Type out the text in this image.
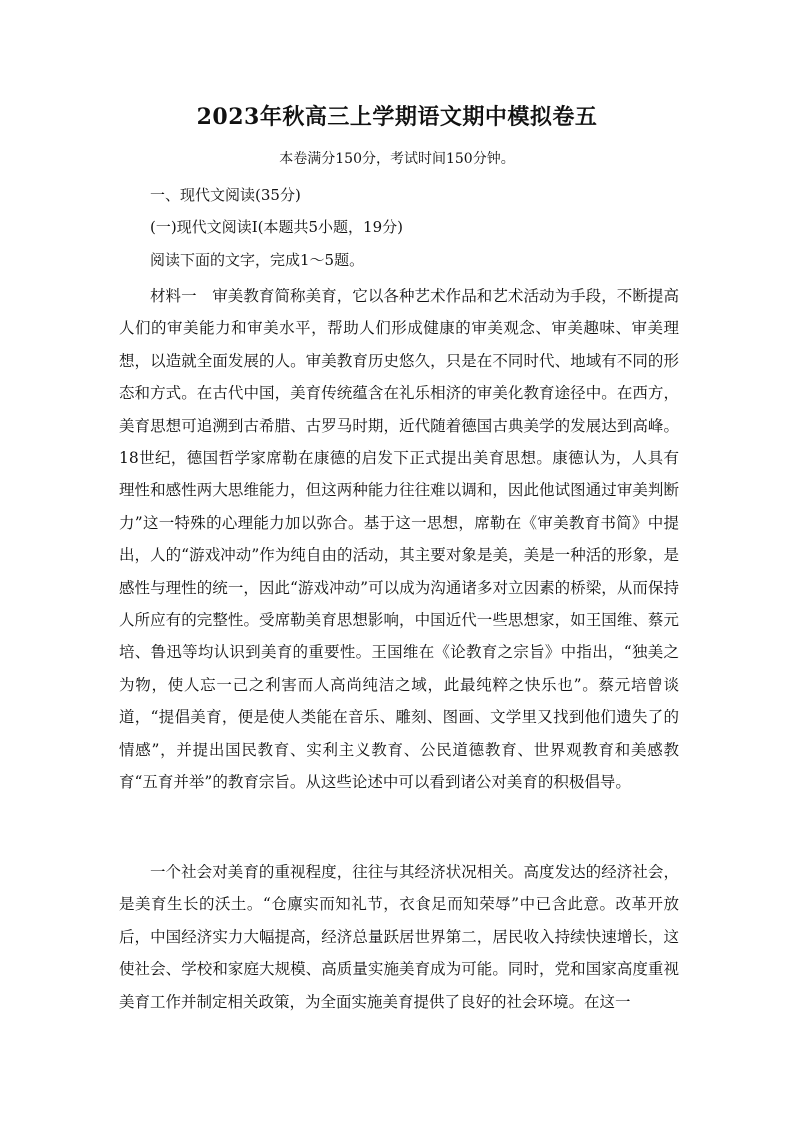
2023年秋高三上学期语文期中模拟卷五

本卷满分150分，考试时间150分钟。

一、现代文阅读(35分)

(一)现代文阅读Ⅰ(本题共5小题，19分)

阅读下面的文字，完成1～5题。

材料一　审美教育简称美育，它以各种艺术作品和艺术活动为手段，不断提高人们的审美能力和审美水平，帮助人们形成健康的审美观念、审美趣味、审美理想，以造就全面发展的人。审美教育历史悠久，只是在不同时代、地域有不同的形态和方式。在古代中国，美育传统蕴含在礼乐相济的审美化教育途径中。在西方，美育思想可追溯到古希腊、古罗马时期，近代随着德国古典美学的发展达到高峰。18世纪，德国哲学家席勒在康德的启发下正式提出美育思想。康德认为，人具有理性和感性两大思维能力，但这两种能力往往难以调和，因此他试图通过审美判断力”这一特殊的心理能力加以弥合。基于这一思想，席勒在《审美教育书简》中提出，人的“游戏冲动”作为纯自由的活动，其主要对象是美，美是一种活的形象，是感性与理性的统一，因此“游戏冲动”可以成为沟通诸多对立因素的桥梁，从而保持人所应有的完整性。受席勒美育思想影响，中国近代一些思想家，如王国维、蔡元培、鲁迅等均认识到美育的重要性。王国维在《论教育之宗旨》中指出，“独美之为物，使人忘一己之利害而人高尚纯洁之域，此最纯粹之快乐也”。蔡元培曾谈道，“提倡美育，便是使人类能在音乐、雕刻、图画、文学里又找到他们遗失了的情感”，并提出国民教育、实利主义教育、公民道德教育、世界观教育和美感教育“五育并举”的教育宗旨。从这些论述中可以看到诸公对美育的积极倡导。

一个社会对美育的重视程度，往往与其经济状况相关。高度发达的经济社会，是美育生长的沃土。“仓廪实而知礼节，衣食足而知荣辱”中已含此意。改革开放后，中国经济实力大幅提高，经济总量跃居世界第二，居民收入持续快速增长，这使社会、学校和家庭大规模、高质量实施美育成为可能。同时，党和国家高度重视美育工作并制定相关政策，为全面实施美育提供了良好的社会环境。在这一
